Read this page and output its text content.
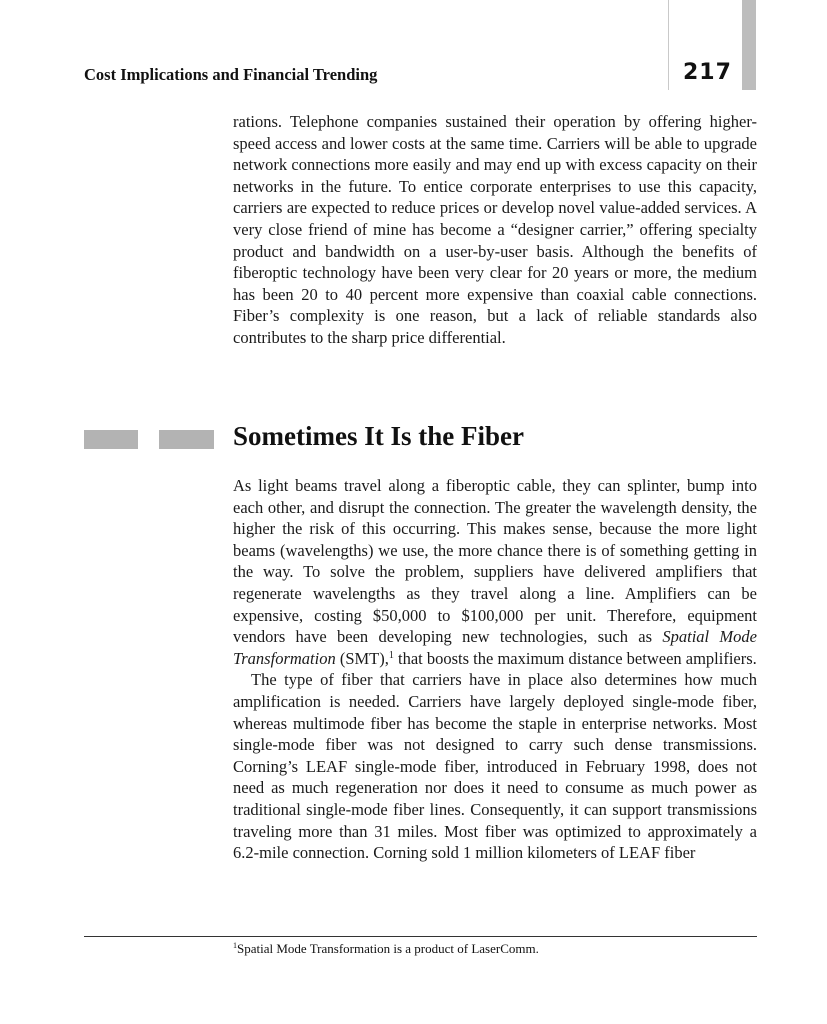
217
Cost Implications and Financial Trending

rations. Telephone companies sustained their operation by offering higher-speed access and lower costs at the same time. Carriers will be able to upgrade network connections more easily and may end up with excess capacity on their networks in the future. To entice corporate enterprises to use this capacity, carriers are expected to reduce prices or develop novel value-added services. A very close friend of mine has become a “designer carrier,” offering specialty product and bandwidth on a user-by-user basis. Although the benefits of fiberoptic technology have been very clear for 20 years or more, the medium has been 20 to 40 percent more expensive than coaxial cable connections. Fiber’s complexity is one reason, but a lack of reliable standards also contributes to the sharp price differential.

Sometimes It Is the Fiber

As light beams travel along a fiberoptic cable, they can splinter, bump into each other, and disrupt the connection. The greater the wavelength density, the higher the risk of this occurring. This makes sense, because the more light beams (wavelengths) we use, the more chance there is of something getting in the way. To solve the problem, suppliers have delivered amplifiers that regenerate wavelengths as they travel along a line. Amplifiers can be expensive, costing $50,000 to $100,000 per unit. Therefore, equipment vendors have been developing new technologies, such as Spatial Mode Transformation (SMT),$^1$ that boosts the maximum distance between amplifiers.

The type of fiber that carriers have in place also determines how much amplification is needed. Carriers have largely deployed single-mode fiber, whereas multimode fiber has become the staple in enterprise networks. Most single-mode fiber was not designed to carry such dense transmissions. Corning’s LEAF single-mode fiber, introduced in February 1998, does not need as much regeneration nor does it need to consume as much power as traditional single-mode fiber lines. Consequently, it can support transmissions traveling more than 31 miles. Most fiber was optimized to approximately a 6.2-mile connection. Corning sold 1 million kilometers of LEAF fiber

$^1$Spatial Mode Transformation is a product of LaserComm.
